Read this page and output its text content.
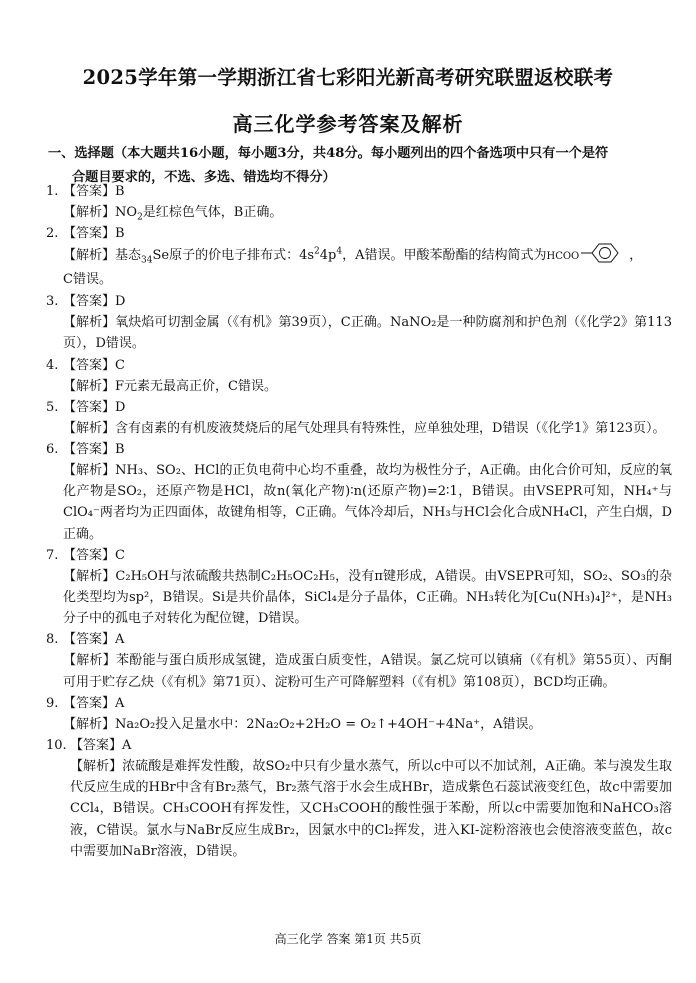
2025学年第一学期浙江省七彩阳光新高考研究联盟返校联考
高三化学参考答案及解析
一、选择题（本大题共16小题，每小题3分，共48分。每小题列出的四个备选项中只有一个是符
合题目要求的，不选、多选、错选均不得分）
1. 【答案】B
【解析】$NO_2$是红棕色气体，B正确。
2. 【答案】B
【解析】基态$_{34}$Se原子的价电子排布式：$4s^24p^4$，A错误。甲酸苯酚酯的结构简式为HCOO	，
C错误。
3. 【答案】D
【解析】氧炔焰可切割金属（《有机》第39页），C正确。NaNO₂是一种防腐剂和护色剂（《化学2》第113页），D错误。
4. 【答案】C
【解析】F元素无最高正价，C错误。
5. 【答案】D
【解析】含有卤素的有机废液焚烧后的尾气处理具有特殊性，应单独处理，D错误（《化学1》第123页）。
6. 【答案】B
【解析】NH₃、SO₂、HCl的正负电荷中心均不重叠，故均为极性分子，A正确。由化合价可知，反应的氧化产物是SO₂，还原产物是HCl，故n(氧化产物)∶n(还原产物)=2∶1，B错误。由VSEPR可知，NH₄⁺与ClO₄⁻两者均为正四面体，故键角相等，C正确。气体冷却后，NH₃与HCl会化合成NH₄Cl，产生白烟，D正确。
7. 【答案】C
【解析】C₂H₅OH与浓硫酸共热制C₂H₅OC₂H₅，没有π键形成，A错误。由VSEPR可知，SO₂、SO₃的杂化类型均为sp²，B错误。Si是共价晶体，SiCl₄是分子晶体，C正确。NH₃转化为[Cu(NH₃)₄]²⁺，是NH₃分子中的孤电子对转化为配位键，D错误。
8. 【答案】A
【解析】苯酚能与蛋白质形成氢键，造成蛋白质变性，A错误。氯乙烷可以镇痛（《有机》第55页）、丙酮可用于贮存乙炔（《有机》第71页）、淀粉可生产可降解塑料（《有机》第108页），BCD均正确。
9. 【答案】A
【解析】Na₂O₂投入足量水中：2Na₂O₂+2H₂O = O₂↑+4OH⁻+4Na⁺，A错误。
10. 【答案】A
【解析】浓硫酸是难挥发性酸，故SO₂中只有少量水蒸气，所以c中可以不加试剂，A正确。苯与溴发生取代反应生成的HBr中含有Br₂蒸气，Br₂蒸气溶于水会生成HBr，造成紫色石蕊试液变红色，故c中需要加CCl₄，B错误。CH₃COOH有挥发性，又CH₃COOH的酸性强于苯酚，所以c中需要加饱和NaHCO₃溶液，C错误。氯水与NaBr反应生成Br₂，因氯水中的Cl₂挥发，进入KI-淀粉溶液也会使溶液变蓝色，故c中需要加NaBr溶液，D错误。
高三化学 答案 第1页 共5页
